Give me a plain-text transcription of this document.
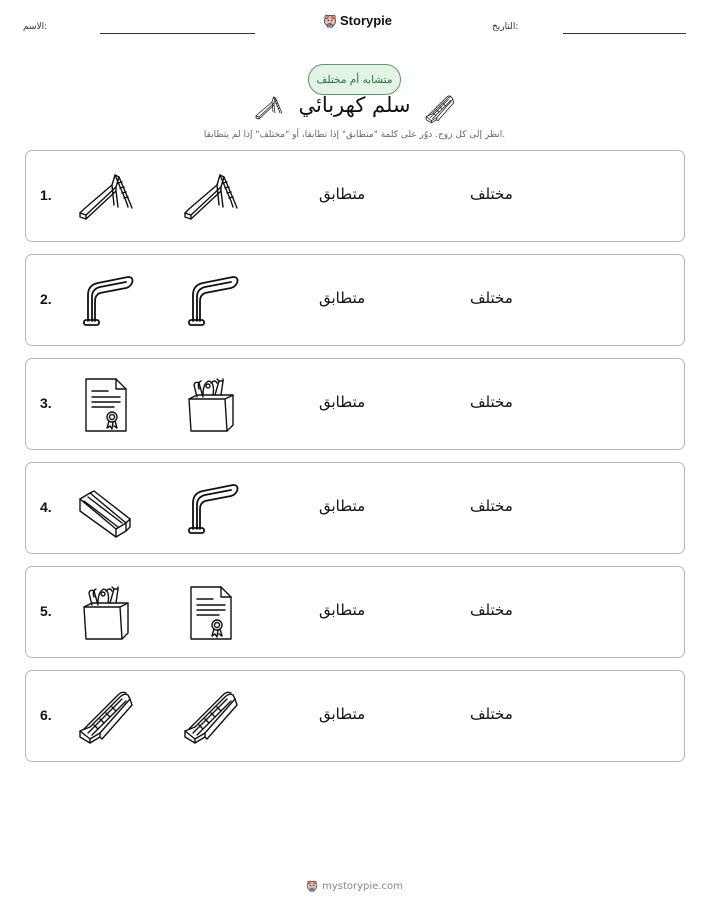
الاسم:	Storypie	التاريخ:
متشابه أم مختلف
سلم كهربائي
انظر إلى كل زوج. دوّر على كلمة "متطابق" إذا تطابقا، أو "مختلف" إذا لم يتطابقا.
1.	متطابق	مختلف
2.	متطابق	مختلف
3.	متطابق	مختلف
4.	متطابق	مختلف
5.	متطابق	مختلف
6.	متطابق	مختلف
mystorypie.com
